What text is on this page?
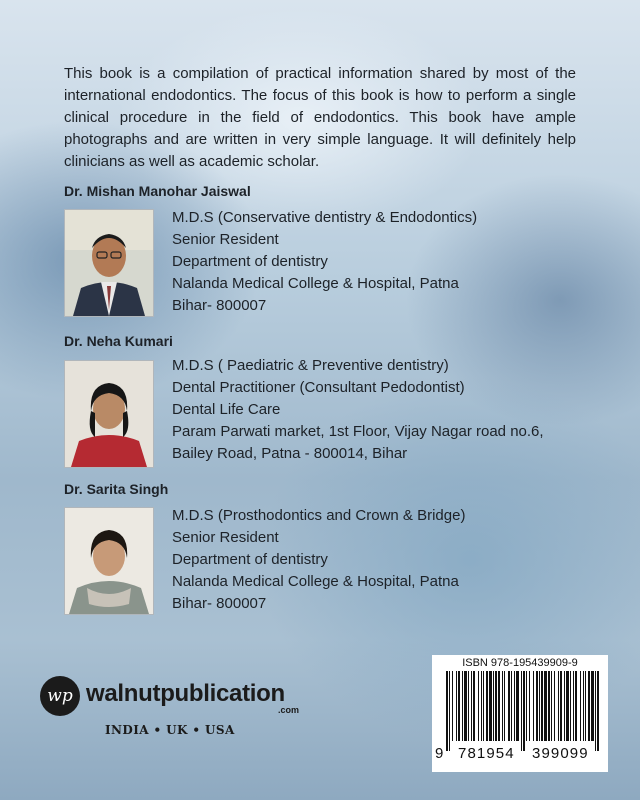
This book is a compilation of practical information shared by most of the international endodontics. The focus of this book is how to perform a single clinical procedure in the field of endodontics. This book have ample photographs and are written in very simple language. It will definitely help clinicians as well as academic scholar.

Dr. Mishan Manohar Jaiswal

M.D.S (Conservative dentistry & Endodontics)
Senior Resident
Department of dentistry
Nalanda Medical College & Hospital, Patna
Bihar- 800007

Dr. Neha Kumari

M.D.S ( Paediatric & Preventive dentistry)
Dental Practitioner (Consultant Pedodontist)
Dental Life Care
Param Parwati market, 1st Floor, Vijay Nagar road no.6,
Bailey Road, Patna - 800014, Bihar

Dr. Sarita Singh

M.D.S (Prosthodontics and Crown & Bridge)
Senior Resident
Department of dentistry
Nalanda Medical College & Hospital, Patna
Bihar- 800007
wp walnutpublication
.com
INDIA • UK • USA
ISBN 978-195439909-9
9 781954 399099
